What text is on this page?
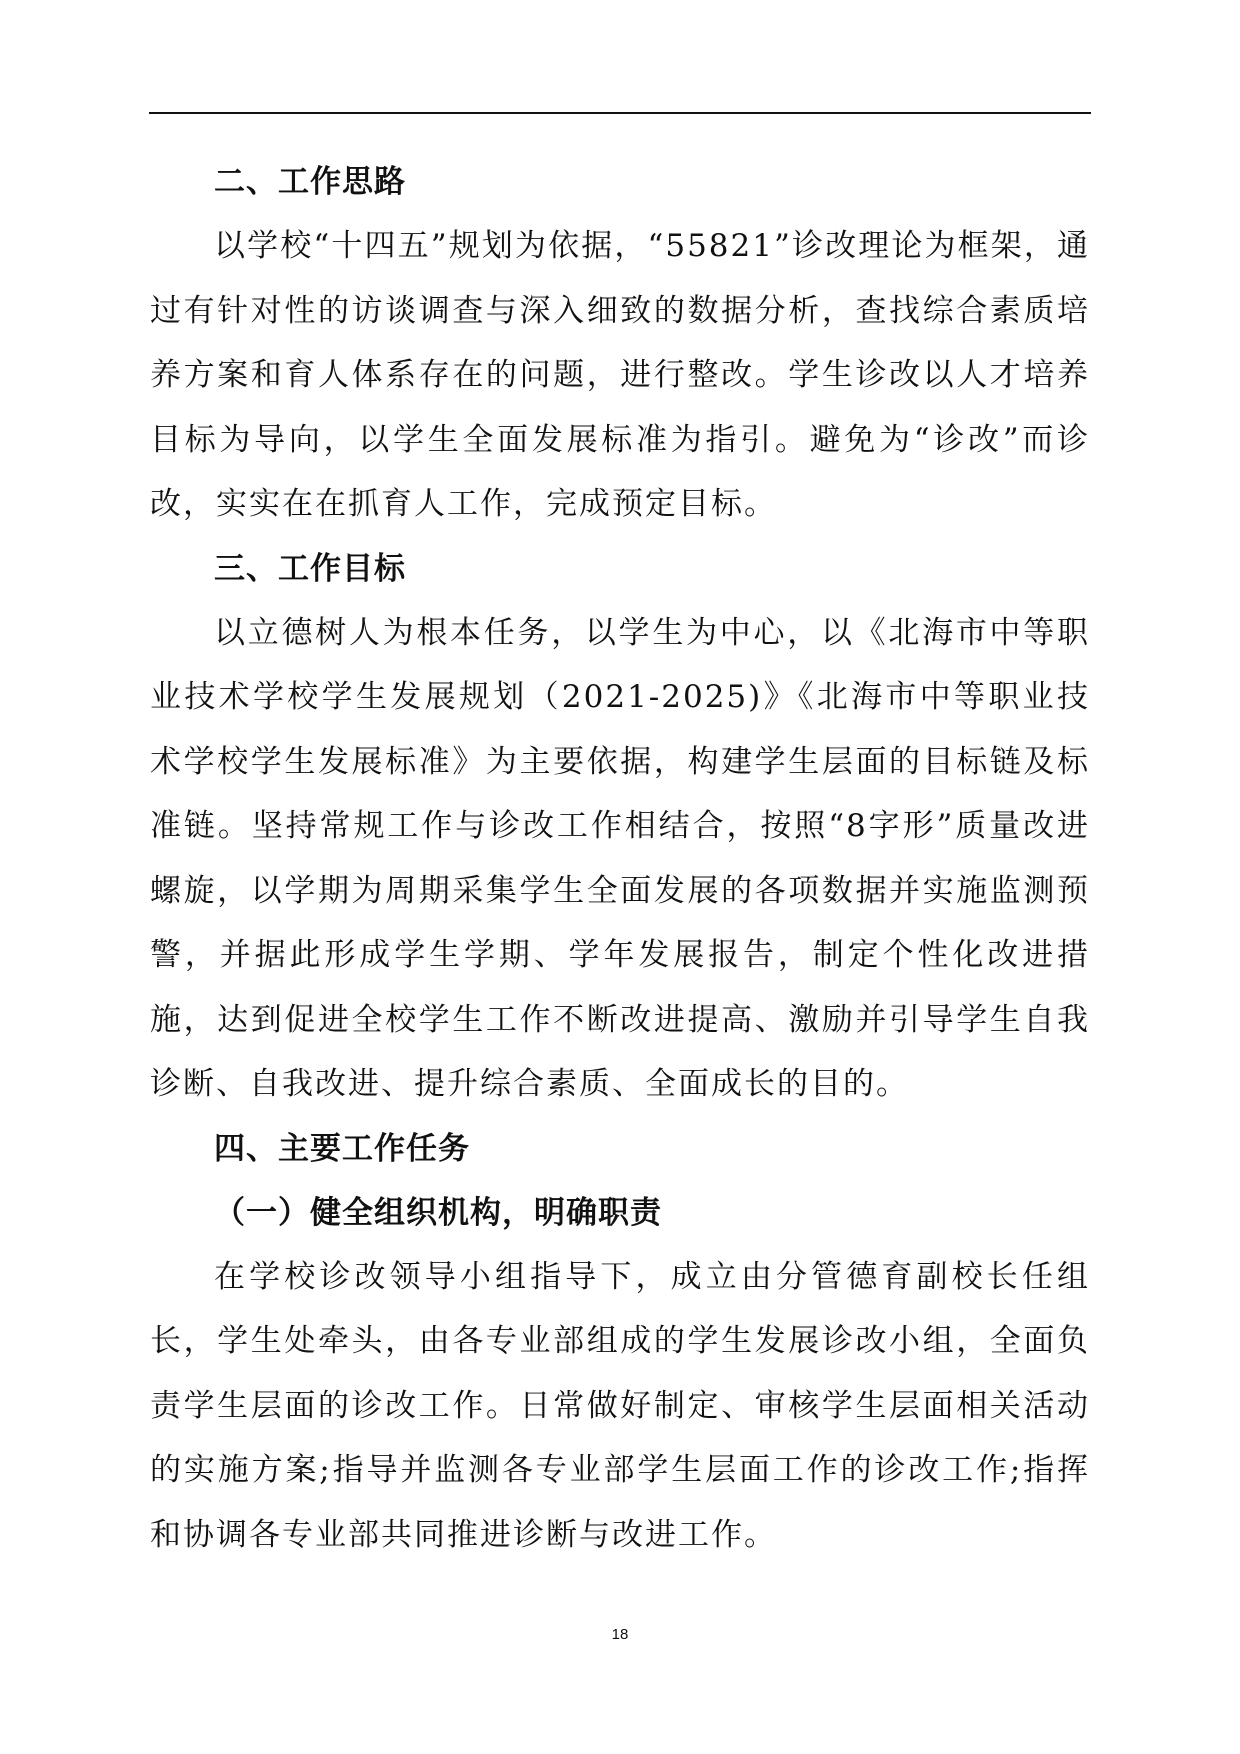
二、工作思路

以学校“十四五”规划为依据，“55821”诊改理论为框架，通过有针对性的访谈调查与深入细致的数据分析，查找综合素质培养方案和育人体系存在的问题，进行整改。学生诊改以人才培养目标为导向，以学生全面发展标准为指引。避免为“诊改”而诊改，实实在在抓育人工作，完成预定目标。

三、工作目标

以立德树人为根本任务，以学生为中心，以《北海市中等职业技术学校学生发展规划（2021-2025)》《北海市中等职业技术学校学生发展标准》为主要依据，构建学生层面的目标链及标准链。坚持常规工作与诊改工作相结合，按照“8字形”质量改进螺旋，以学期为周期采集学生全面发展的各项数据并实施监测预警，并据此形成学生学期、学年发展报告，制定个性化改进措施，达到促进全校学生工作不断改进提高、激励并引导学生自我诊断、自我改进、提升综合素质、全面成长的目的。

四、主要工作任务
（一）健全组织机构，明确职责

在学校诊改领导小组指导下，成立由分管德育副校长任组长，学生处牵头，由各专业部组成的学生发展诊改小组，全面负责学生层面的诊改工作。日常做好制定、审核学生层面相关活动的实施方案;指导并监测各专业部学生层面工作的诊改工作;指挥和协调各专业部共同推进诊断与改进工作。

18
